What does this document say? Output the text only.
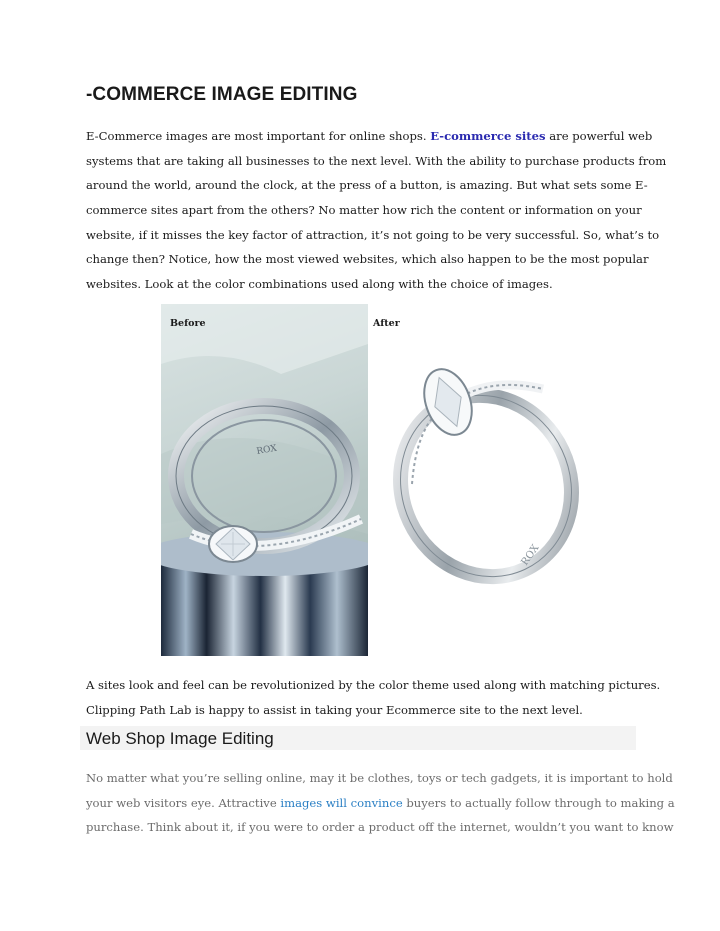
-COMMERCE IMAGE EDITING
E-Commerce images are most important for online shops. E-commerce sites are powerful web
systems that are taking all businesses to the next level. With the ability to purchase products from
around the world, around the clock, at the press of a button, is amazing. But what sets some E-
commerce sites apart from the others? No matter how rich the content or information on your
website, if it misses the key factor of attraction, it’s not going to be very successful. So, what’s to
change then? Notice, how the most viewed websites, which also happen to be the most popular
websites. Look at the color combinations used along with the choice of images.
ROX
Before
ROX
After
A sites look and feel can be revolutionized by the color theme used along with matching pictures.
Clipping Path Lab is happy to assist in taking your Ecommerce site to the next level.
Web Shop Image Editing
No matter what you’re selling online, may it be clothes, toys or tech gadgets, it is important to hold
your web visitors eye. Attractive images will convince buyers to actually follow through to making a
purchase. Think about it, if you were to order a product off the internet, wouldn’t you want to know
